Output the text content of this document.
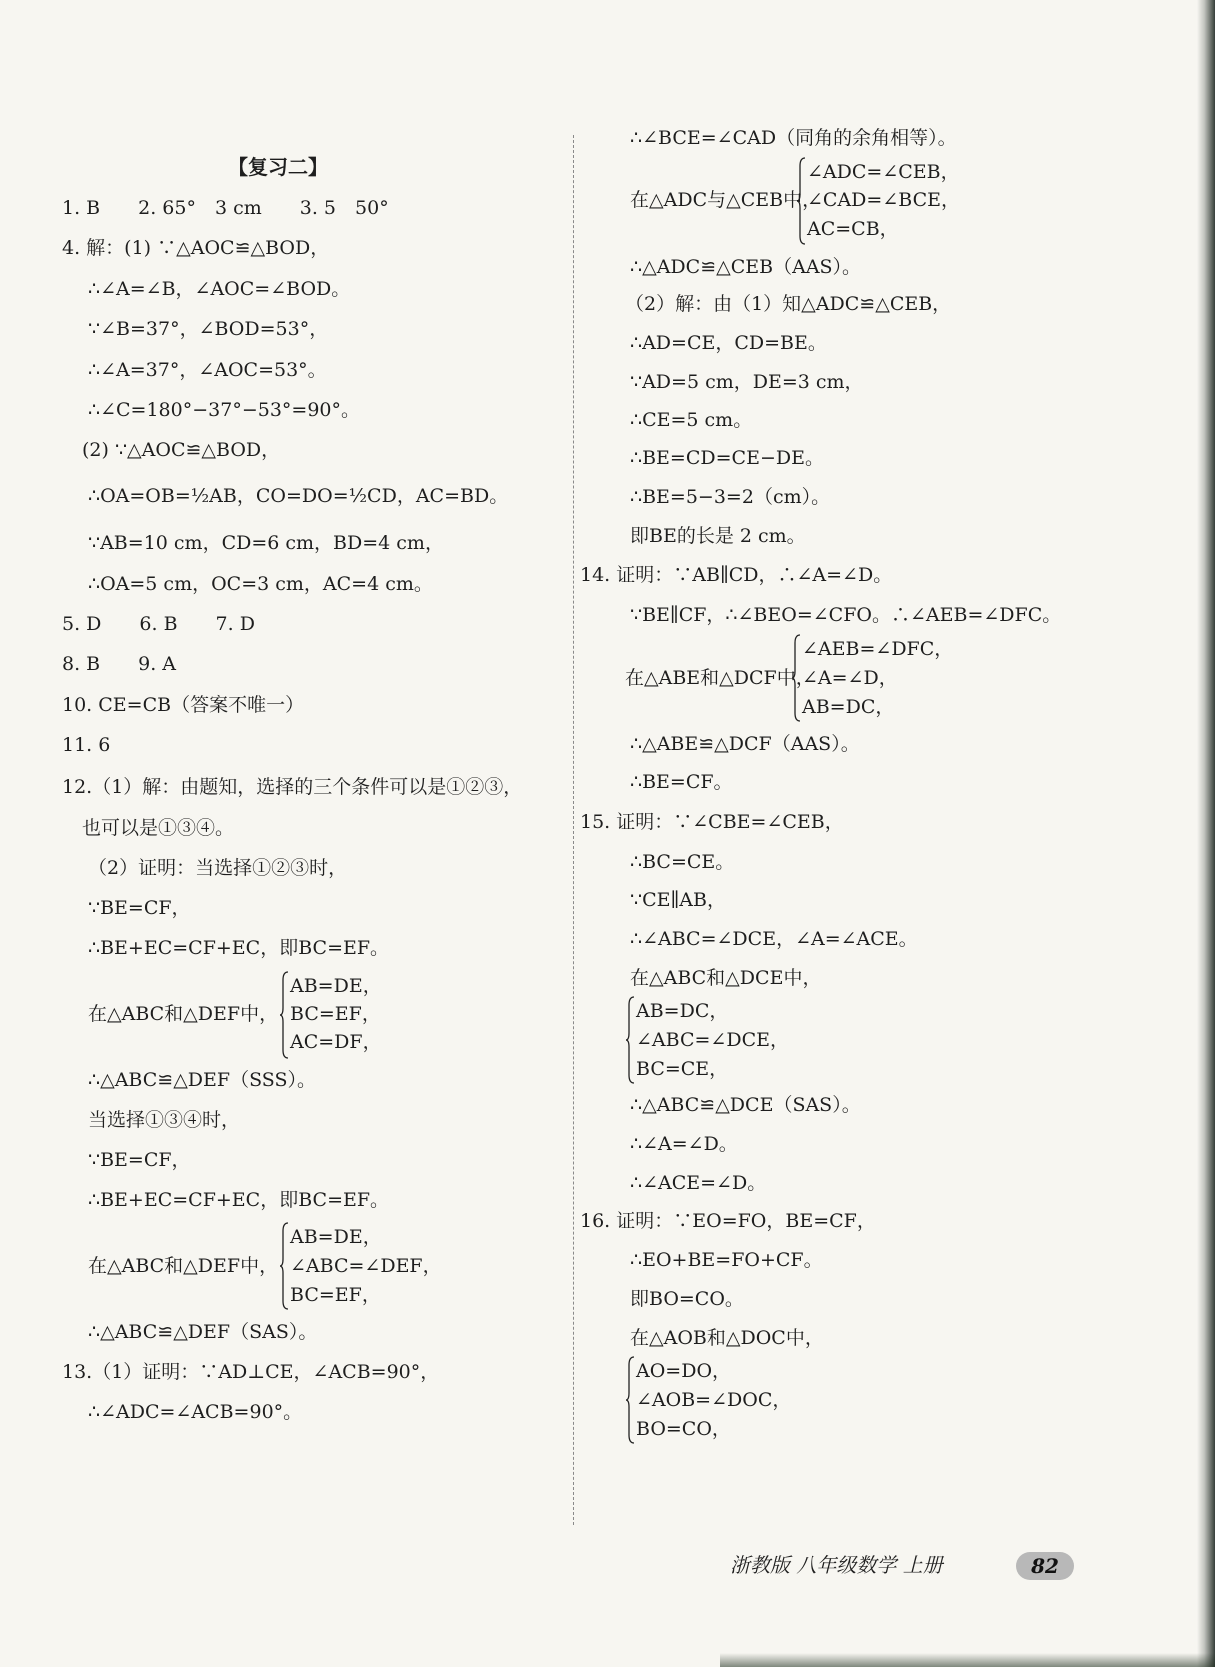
【复习二】
1. B　　2. 65°　3 cm　　3. 5　50°
4. 解：(1) ∵△AOC≌△BOD，
∴∠A=∠B，∠AOC=∠BOD。
∵∠B=37°，∠BOD=53°，
∴∠A=37°，∠AOC=53°。
∴∠C=180°−37°−53°=90°。
(2) ∵△AOC≌△BOD，
∴OA=OB=½AB，CO=DO=½CD，AC=BD。
∵AB=10 cm，CD=6 cm，BD=4 cm，
∴OA=5 cm，OC=3 cm，AC=4 cm。
5. D　　6. B　　7. D
8. B　　9. A
10. CE=CB（答案不唯一）
11. 6
12.（1）解：由题知，选择的三个条件可以是①②③，
也可以是①③④。
（2）证明：当选择①②③时，
∵BE=CF，
∴BE+EC=CF+EC，即BC=EF。
AB=DE，
在△ABC和△DEF中， BC=EF，
AC=DF，
∴△ABC≌△DEF（SSS）。
当选择①③④时，
∵BE=CF，
∴BE+EC=CF+EC，即BC=EF。
AB=DE，
在△ABC和△DEF中， ∠ABC=∠DEF，
BC=EF，
∴△ABC≌△DEF（SAS）。
13.（1）证明：∵AD⊥CE，∠ACB=90°，
∴∠ADC=∠ACB=90°。
∴∠BCE=∠CAD（同角的余角相等）。
∠ADC=∠CEB，
在△ADC与△CEB中，
∠CAD=∠BCE，
AC=CB，
∴△ADC≌△CEB（AAS）。
（2）解：由（1）知△ADC≌△CEB，
∴AD=CE，CD=BE。
∵AD=5 cm，DE=3 cm，
∴CE=5 cm。
∴BE=CD=CE−DE。
∴BE=5−3=2（cm）。
即BE的长是 2 cm。
14. 证明：∵AB∥CD，∴∠A=∠D。
∵BE∥CF，∴∠BEO=∠CFO。∴∠AEB=∠DFC。
∠AEB=∠DFC，
在△ABE和△DCF中，
∠A=∠D，
AB=DC，
∴△ABE≌△DCF（AAS）。
∴BE=CF。
15. 证明：∵∠CBE=∠CEB，
∴BC=CE。
∵CE∥AB，
∴∠ABC=∠DCE，∠A=∠ACE。
在△ABC和△DCE中，
AB=DC，
∠ABC=∠DCE，
BC=CE，
∴△ABC≌△DCE（SAS）。
∴∠A=∠D。
∴∠ACE=∠D。
16. 证明：∵EO=FO，BE=CF，
∴EO+BE=FO+CF。
即BO=CO。
在△AOB和△DOC中，
AO=DO，
∠AOB=∠DOC，
BO=CO，
浙教版 八年级数学 上册	82
